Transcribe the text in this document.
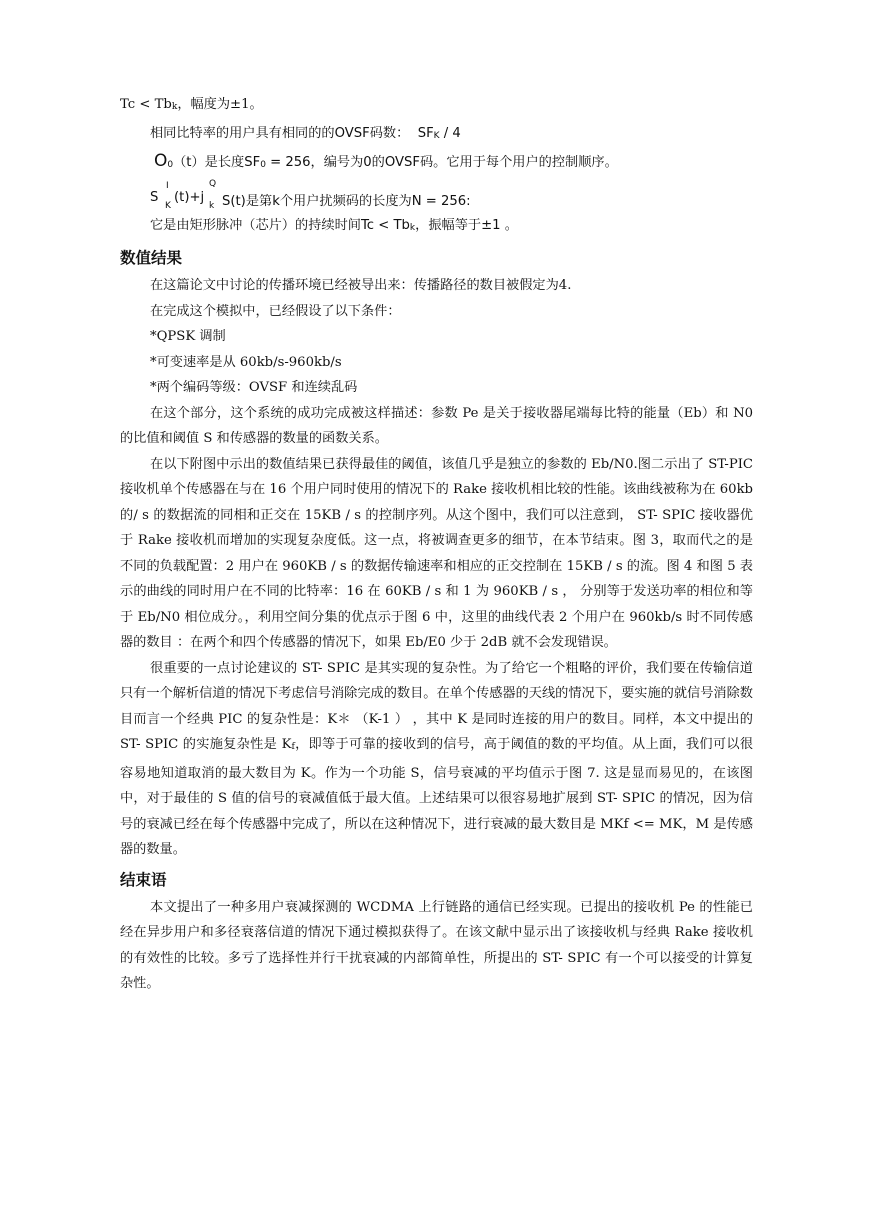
Tc < Tbk，幅度为±1。
相同比特率的用户具有相同的的OVSF码数： SFK / 4
O0（t）是长度SF0 = 256，编号为0的OVSF码。它用于每个用户的控制顺序。
S
I
K
(t)+j
Q
k S(t)是第k个用户扰频码的长度为N = 256:
它是由矩形脉冲（芯片）的持续时间Tc < Tbk，振幅等于±1 。
数值结果
在这篇论文中讨论的传播环境已经被导出来：传播路径的数目被假定为4.
在完成这个模拟中，已经假设了以下条件：
*QPSK 调制
*可变速率是从 60kb/s-960kb/s
*两个编码等级：OVSF 和连续乱码

在这个部分，这个系统的成功完成被这样描述：参数 Pe 是关于接收器尾端每比特的能量（Eb）和 N0 的比值和阈值 S 和传感器的数量的函数关系。

在以下附图中示出的数值结果已获得最佳的阈值，该值几乎是独立的参数的 Eb/N0.图二示出了 ST-PIC 接收机单个传感器在与在 16 个用户同时使用的情况下的 Rake 接收机相比较的性能。该曲线被称为在 60kb 的/ s 的数据流的同相和正交在 15KB / s 的控制序列。从这个图中，我们可以注意到， ST- SPIC 接收器优于 Rake 接收机而增加的实现复杂度低。这一点，将被调查更多的细节，在本节结束。图 3，取而代之的是不同的负载配置：2 用户在 960KB / s 的数据传输速率和相应的正交控制在 15KB / s 的流。图 4 和图 5 表示的曲线的同时用户在不同的比特率：16 在 60KB / s 和 1 为 960KB / s ， 分别等于发送功率的相位和等于 Eb/N0 相位成分。，利用空间分集的优点示于图 6 中，这里的曲线代表 2 个用户在 960kb/s 时不同传感器的数目 ：在两个和四个传感器的情况下，如果 Eb/E0 少于 2dB 就不会发现错误。

很重要的一点讨论建议的 ST- SPIC 是其实现的复杂性。为了给它一个粗略的评价，我们要在传输信道只有一个解析信道的情况下考虑信号消除完成的数目。在单个传感器的天线的情况下，要实施的就信号消除数目而言一个经典 PIC 的复杂性是：K＊ （K-1 ） ，其中 K 是同时连接的用户的数目。同样，本文中提出的 ST- SPIC 的实施复杂性是 Kf，即等于可靠的接收到的信号，高于阈值的数的平均值。从上面，我们可以很容易地知道取消的最大数目为 K。作为一个功能 S，信号衰减的平均值示于图 7. 这是显而易见的，在该图中，对于最佳的 S 值的信号的衰减值低于最大值。上述结果可以很容易地扩展到 ST- SPIC 的情况，因为信号的衰减已经在每个传感器中完成了，所以在这种情况下，进行衰减的最大数目是 MKf <= MK，M 是传感器的数量。

结束语

本文提出了一种多用户衰减探测的 WCDMA 上行链路的通信已经实现。已提出的接收机 Pe 的性能已经在异步用户和多径衰落信道的情况下通过模拟获得了。在该文献中显示出了该接收机与经典 Rake 接收机的有效性的比较。多亏了选择性并行干扰衰减的内部简单性，所提出的 ST- SPIC 有一个可以接受的计算复杂性。
